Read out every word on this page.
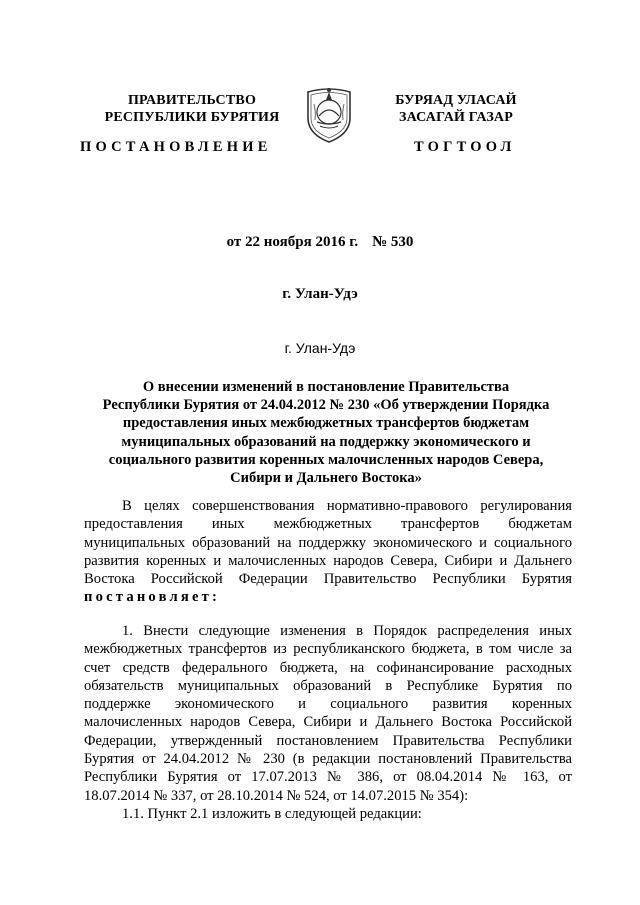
ПРАВИТЕЛЬСТВО
РЕСПУБЛИКИ БУРЯТИЯ
БУРЯАД УЛАСАЙ
ЗАСАГАЙ ГАЗАР
ПОСТАНОВЛЕНИЕ	ТОГТООЛ
от 22 ноября 2016 г. № 530
г. Улан-Удэ
г. Улан-Удэ
О внесении изменений в постановление Правительства
Республики Бурятия от 24.04.2012 № 230 «Об утверждении Порядка
предоставления иных межбюджетных трансфертов бюджетам
муниципальных образований на поддержку экономического и
социального развития коренных малочисленных народов Севера,
Сибири и Дальнего Востока»
В целях совершенствования нормативно-правового регулирования
предоставления иных межбюджетных трансфертов бюджетам
муниципальных образований на поддержку экономического и социального
развития коренных и малочисленных народов Севера, Сибири и Дальнего
Востока Российской Федерации Правительство Республики Бурятия
постановляет:
1. Внести следующие изменения в Порядок распределения иных
межбюджетных трансфертов из республиканского бюджета, в том числе за
счет средств федерального бюджета, на софинансирование расходных
обязательств муниципальных образований в Республике Бурятия по
поддержке экономического и социального развития коренных
малочисленных народов Севера, Сибири и Дальнего Востока Российской
Федерации, утвержденный постановлением Правительства Республики
Бурятия от 24.04.2012 № 230 (в редакции постановлений Правительства
Республики Бурятия от 17.07.2013 № 386, от 08.04.2014 № 163, от
18.07.2014 № 337, от 28.10.2014 № 524, от 14.07.2015 № 354):
1.1. Пункт 2.1 изложить в следующей редакции:
